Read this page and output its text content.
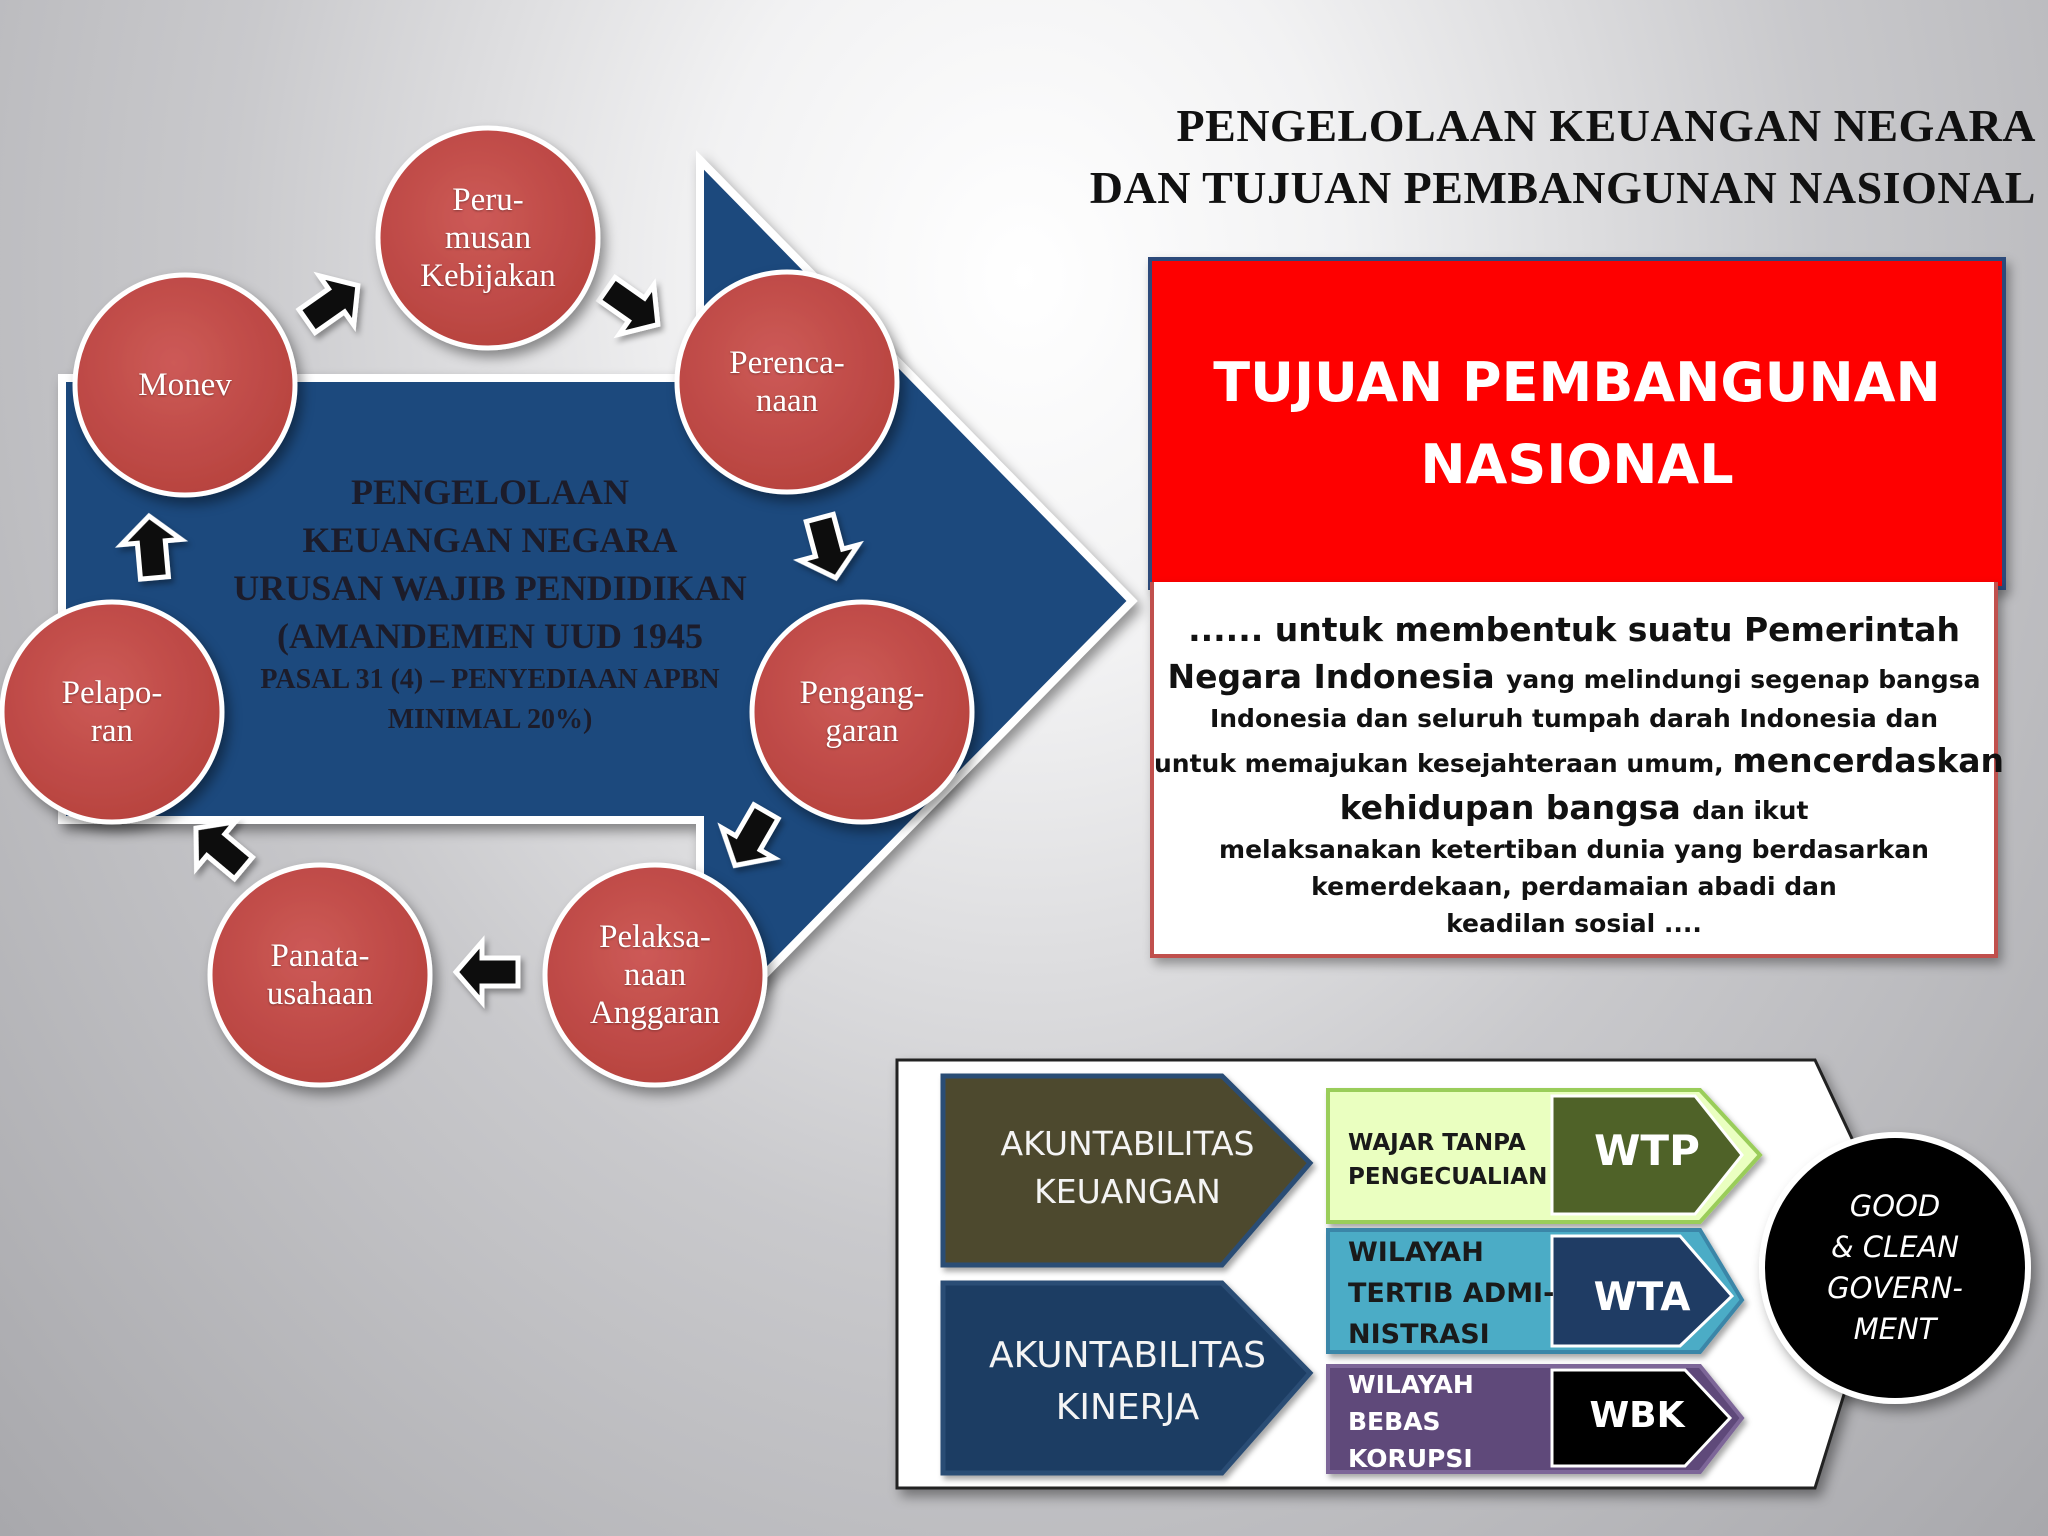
PENGELOLAAN KEUANGAN NEGARA
DAN TUJUAN PEMBANGUNAN NASIONAL
Peru-
musan
Kebijakan
Perenca-
naan
Pengang-
garan
Pelaksa-
naan
Anggaran
Panata-
usahaan
Pelapo-
ran
Monev
PENGELOLAAN
KEUANGAN NEGARA
URUSAN WAJIB PENDIDIKAN
(AMANDEMEN UUD 1945
PASAL 31 (4) – PENYEDIAAN APBN
MINIMAL 20%)
TUJUAN PEMBANGUNAN
NASIONAL
...... untuk membentuk suatu Pemerintah
Negara Indonesia yang melindungi segenap bangsa
Indonesia dan seluruh tumpah darah Indonesia dan
untuk memajukan kesejahteraan umum, mencerdaskan
kehidupan bangsa dan ikut
melaksanakan ketertiban dunia yang berdasarkan
kemerdekaan, perdamaian abadi dan
keadilan sosial ....
AKUNTABILITAS
KEUANGAN
AKUNTABILITAS
KINERJA
WAJAR TANPA
PENGECUALIAN
WTP
WILAYAH
TERTIB ADMI-
NISTRASI
WTA
WILAYAH
BEBAS
KORUPSI
WBK
GOOD
& CLEAN
GOVERN-
MENT
